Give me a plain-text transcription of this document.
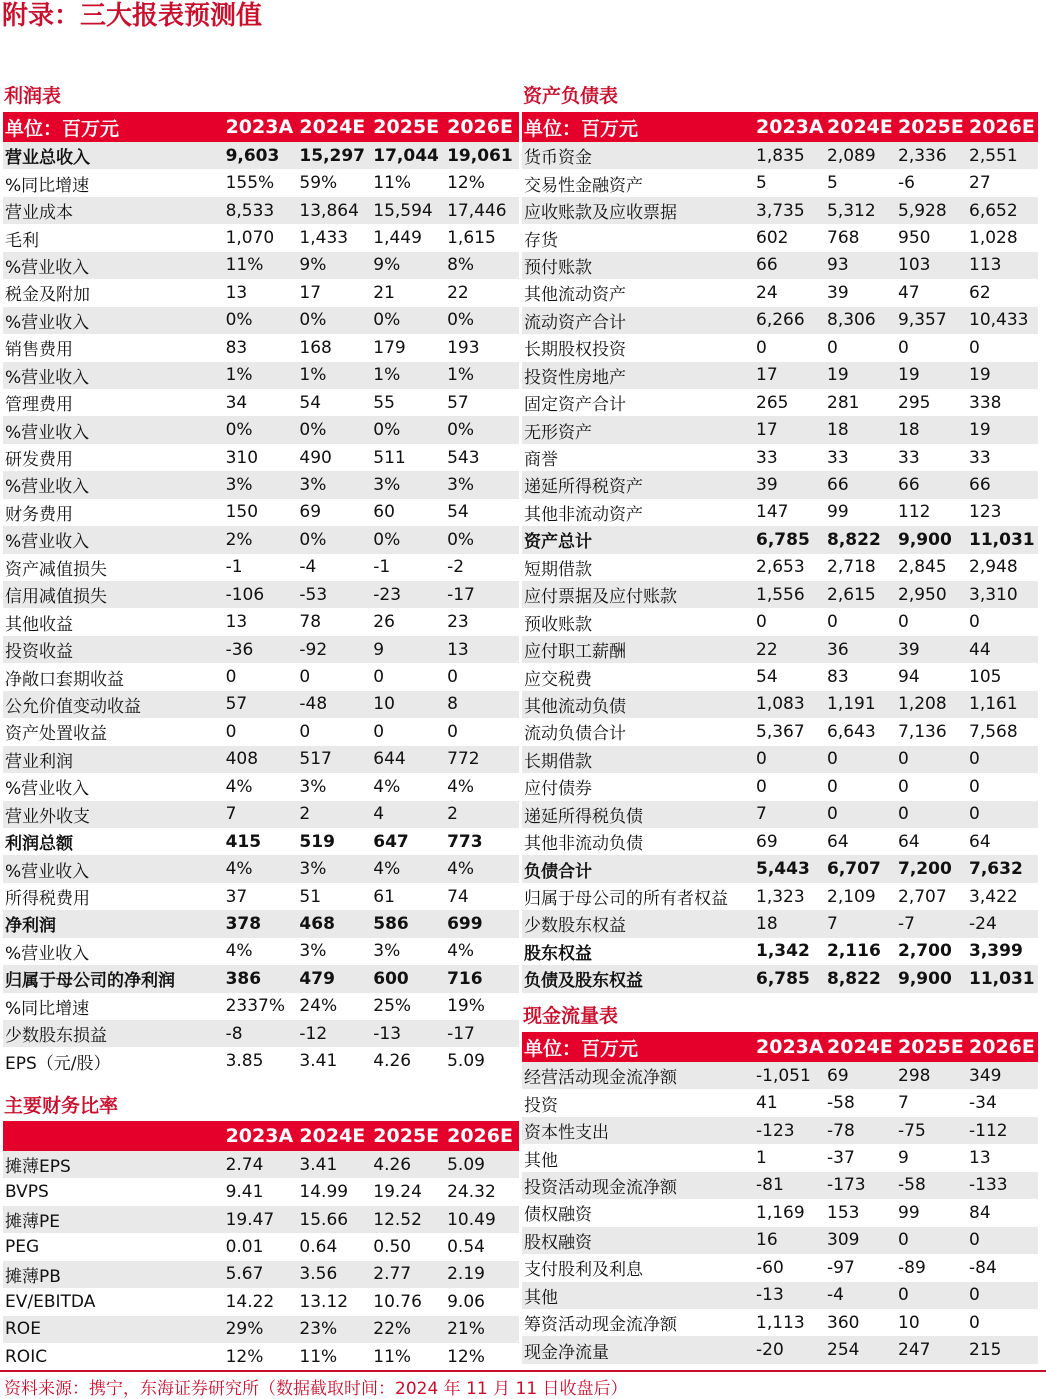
附录：三大报表预测值
利润表
单位：百万元	2023A	2024E	2025E	2026E
营业总收入	9,603	15,297	17,044	19,061
%同比增速	155%	59%	11%	12%
营业成本	8,533	13,864	15,594	17,446
毛利	1,070	1,433	1,449	1,615
%营业收入	11%	9%	9%	8%
税金及附加	13	17	21	22
%营业收入	0%	0%	0%	0%
销售费用	83	168	179	193
%营业收入	1%	1%	1%	1%
管理费用	34	54	55	57
%营业收入	0%	0%	0%	0%
研发费用	310	490	511	543
%营业收入	3%	3%	3%	3%
财务费用	150	69	60	54
%营业收入	2%	0%	0%	0%
资产减值损失	-1	-4	-1	-2
信用减值损失	-106	-53	-23	-17
其他收益	13	78	26	23
投资收益	-36	-92	9	13
净敞口套期收益	0	0	0	0
公允价值变动收益	57	-48	10	8
资产处置收益	0	0	0	0
营业利润	408	517	644	772
%营业收入	4%	3%	4%	4%
营业外收支	7	2	4	2
利润总额	415	519	647	773
%营业收入	4%	3%	4%	4%
所得税费用	37	51	61	74
净利润	378	468	586	699
%营业收入	4%	3%	3%	4%
归属于母公司的净利润	386	479	600	716
%同比增速	2337%	24%	25%	19%
少数股东损益	-8	-12	-13	-17
EPS（元/股）	3.85	3.41	4.26	5.09
主要财务比率
	2023A	2024E	2025E	2026E
摊薄EPS	2.74	3.41	4.26	5.09
BVPS	9.41	14.99	19.24	24.32
摊薄PE	19.47	15.66	12.52	10.49
PEG	0.01	0.64	0.50	0.54
摊薄PB	5.67	3.56	2.77	2.19
EV/EBITDA	14.22	13.12	10.76	9.06
ROE	29%	23%	22%	21%
ROIC	12%	11%	11%	12%
资产负债表
单位：百万元	2023A	2024E	2025E	2026E
货币资金	1,835	2,089	2,336	2,551
交易性金融资产	5	5	-6	27
应收账款及应收票据	3,735	5,312	5,928	6,652
存货	602	768	950	1,028
预付账款	66	93	103	113
其他流动资产	24	39	47	62
流动资产合计	6,266	8,306	9,357	10,433
长期股权投资	0	0	0	0
投资性房地产	17	19	19	19
固定资产合计	265	281	295	338
无形资产	17	18	18	19
商誉	33	33	33	33
递延所得税资产	39	66	66	66
其他非流动资产	147	99	112	123
资产总计	6,785	8,822	9,900	11,031
短期借款	2,653	2,718	2,845	2,948
应付票据及应付账款	1,556	2,615	2,950	3,310
预收账款	0	0	0	0
应付职工薪酬	22	36	39	44
应交税费	54	83	94	105
其他流动负债	1,083	1,191	1,208	1,161
流动负债合计	5,367	6,643	7,136	7,568
长期借款	0	0	0	0
应付债券	0	0	0	0
递延所得税负债	7	0	0	0
其他非流动负债	69	64	64	64
负债合计	5,443	6,707	7,200	7,632
归属于母公司的所有者权益	1,323	2,109	2,707	3,422
少数股东权益	18	7	-7	-24
股东权益	1,342	2,116	2,700	3,399
负债及股东权益	6,785	8,822	9,900	11,031
现金流量表
单位：百万元	2023A	2024E	2025E	2026E
经营活动现金流净额	-1,051	69	298	349
投资	41	-58	7	-34
资本性支出	-123	-78	-75	-112
其他	1	-37	9	13
投资活动现金流净额	-81	-173	-58	-133
债权融资	1,169	153	99	84
股权融资	16	309	0	0
支付股利及利息	-60	-97	-89	-84
其他	-13	-4	0	0
筹资活动现金流净额	1,113	360	10	0
现金净流量	-20	254	247	215
资料来源：携宁，东海证券研究所（数据截取时间：2024 年 11 月 11 日收盘后）
